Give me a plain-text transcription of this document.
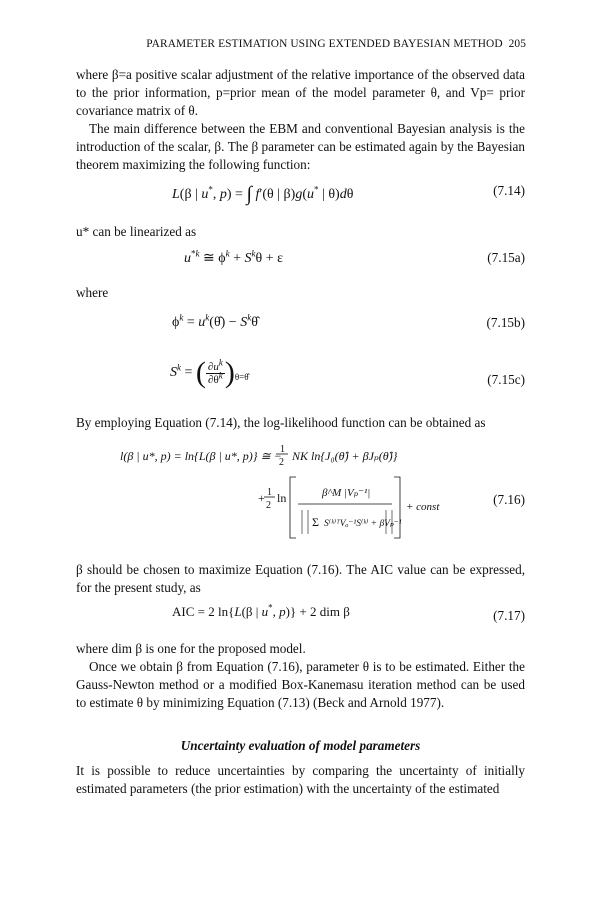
PARAMETER ESTIMATION USING EXTENDED BAYESIAN METHOD 205
where β=a positive scalar adjustment of the relative importance of the observed data to the prior information, p=prior mean of the model parameter θ, and Vp= prior covariance matrix of θ.
The main difference between the EBM and conventional Bayesian analysis is the introduction of the scalar, β. The β parameter can be estimated again by the Bayesian theorem maximizing the following function:
L(β | u*, p) = ∫ f′(θ | β)g(u* | θ)dθ	(7.14)
u* can be linearized as
$u^{*k}$ ≅ $\phi^k + S^k\theta + \varepsilon$	(7.15a)
where
$\phi^k$ = $u^k(\thetâ)$ − $S^k\thetâ$	(7.15b)
$S^k$ = ( $\frac{\partial u^k}{\partial\theta^k} )_{\theta=\thetâ}$	(7.15c)
By employing Equation (7.14), the log-likelihood function can be obtained as
l(β | u*, p) = ln{L(β | u*, p)} ≅ −
1
2 NK ln{J₀(θ̂) + βJₚ(θ̂)}
+ 1
2
ln	β^M |Vₚ⁻¹|
Σ S⁽ᵏ⁾ᵀVₐ⁻¹S⁽ᵏ⁾ + βVₚ⁻¹
+ const	(7.16)
β should be chosen to maximize Equation (7.16). The AIC value can be expressed, for the present study, as
AIC = 2 ln{L(β | u*, p)} + 2 dim β	(7.17)
where dim β is one for the proposed model.
Once we obtain β from Equation (7.16), parameter θ is to be estimated. Either the Gauss-Newton method or a modified Box-Kanemasu iteration method can be used to estimate θ by minimizing Equation (7.13) (Beck and Arnold 1977).
Uncertainty evaluation of model parameters
It is possible to reduce uncertainties by comparing the uncertainty of initially estimated parameters (the prior estimation) with the uncertainty of the estimated
